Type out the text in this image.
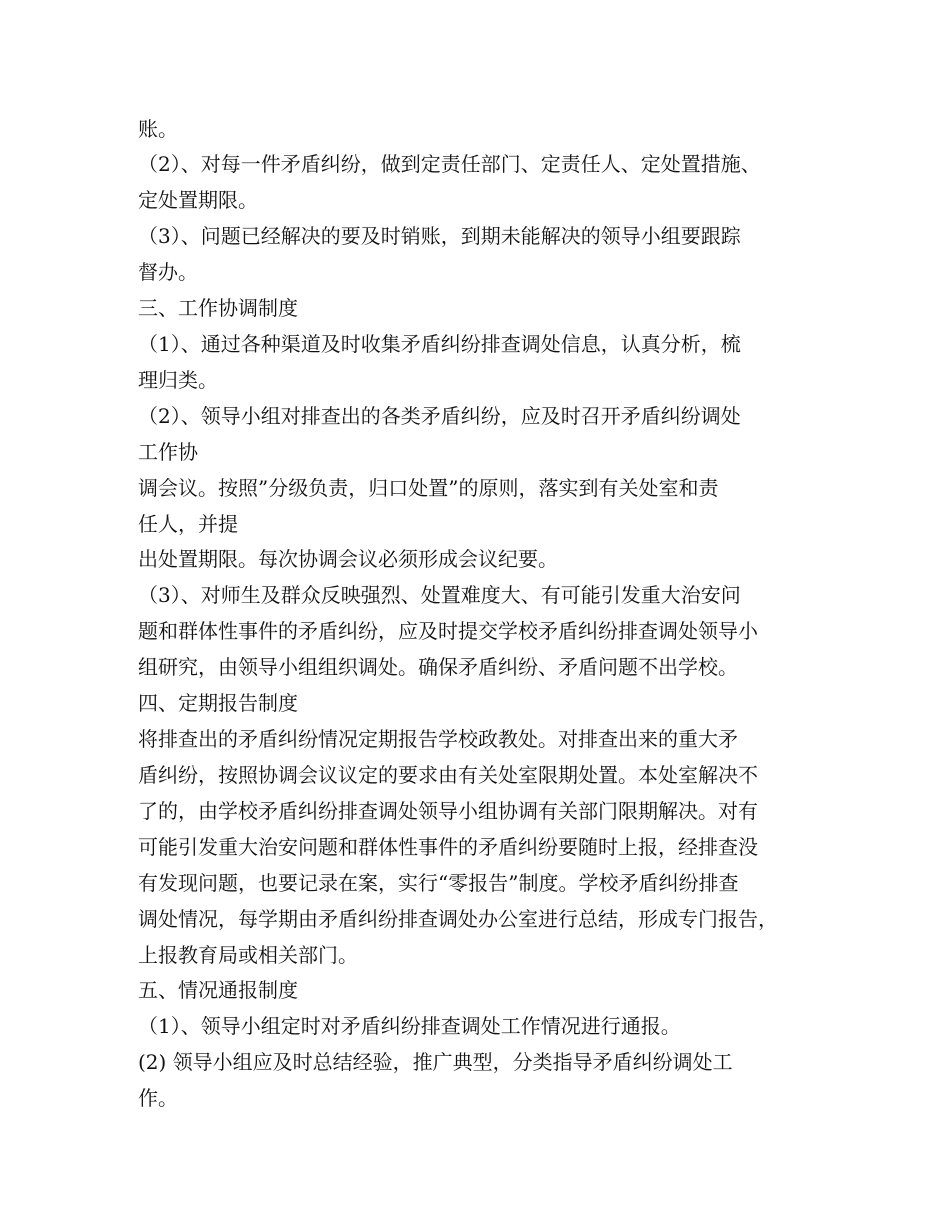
账。
（2）、对每一件矛盾纠纷，做到定责任部门、定责任人、定处置措施、
定处置期限。
（3）、问题已经解决的要及时销账，到期未能解决的领导小组要跟踪
督办。
三、工作协调制度
（1）、通过各种渠道及时收集矛盾纠纷排查调处信息，认真分析，梳
理归类。
（2）、领导小组对排查出的各类矛盾纠纷，应及时召开矛盾纠纷调处
工作协
调会议。按照”分级负责，归口处置”的原则，落实到有关处室和责
任人，并提
出处置期限。每次协调会议必须形成会议纪要。
（3）、对师生及群众反映强烈、处置难度大、有可能引发重大治安问
题和群体性事件的矛盾纠纷，应及时提交学校矛盾纠纷排查调处领导小
组研究，由领导小组组织调处。确保矛盾纠纷、矛盾问题不出学校。
四、定期报告制度
将排查出的矛盾纠纷情况定期报告学校政教处。对排查出来的重大矛
盾纠纷，按照协调会议议定的要求由有关处室限期处置。本处室解决不
了的，由学校矛盾纠纷排查调处领导小组协调有关部门限期解决。对有
可能引发重大治安问题和群体性事件的矛盾纠纷要随时上报，经排查没
有发现问题，也要记录在案，实行“零报告”制度。学校矛盾纠纷排查
调处情况，每学期由矛盾纠纷排查调处办公室进行总结，形成专门报告，
上报教育局或相关部门。
五、情况通报制度
（1）、领导小组定时对矛盾纠纷排查调处工作情况进行通报。
(2) 领导小组应及时总结经验，推广典型，分类指导矛盾纠纷调处工
作。
